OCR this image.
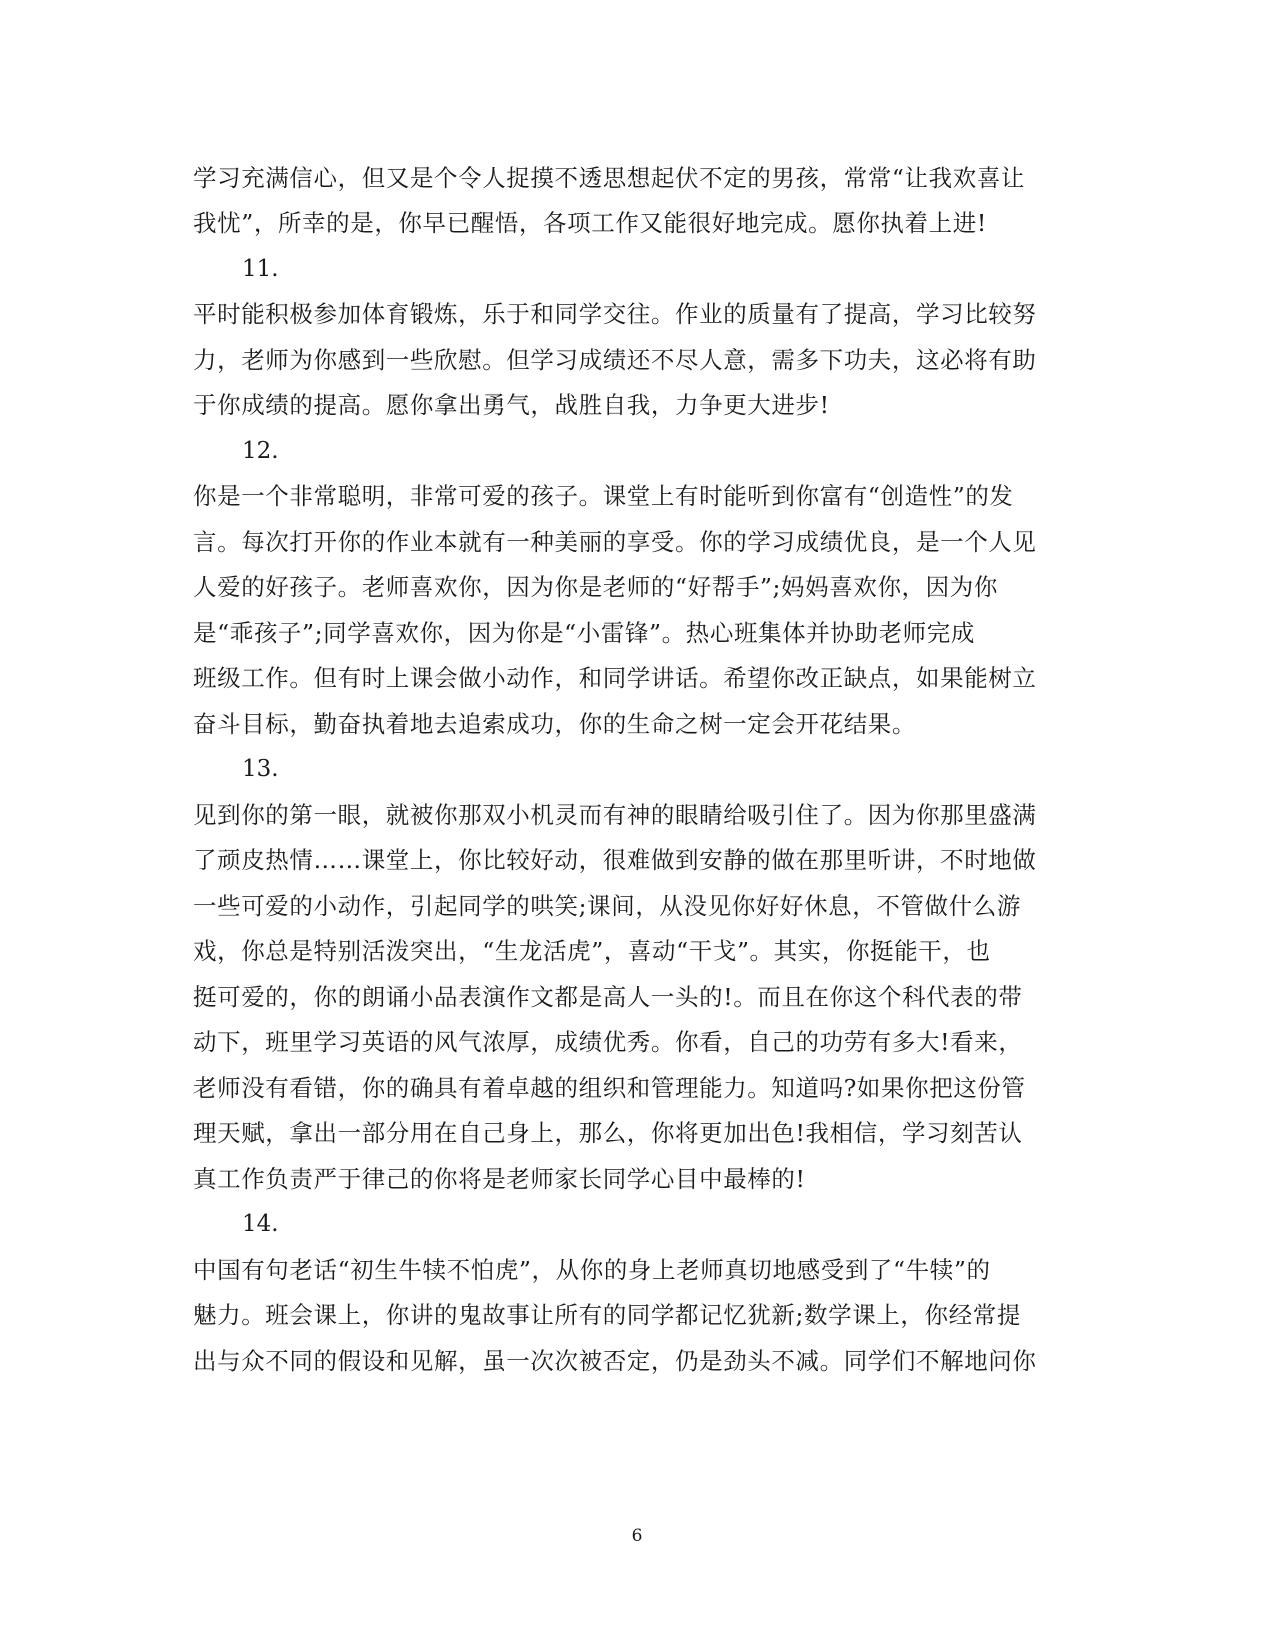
学习充满信心，但又是个令人捉摸不透思想起伏不定的男孩，常常“让我欢喜让
我忧”，所幸的是，你早已醒悟，各项工作又能很好地完成。愿你执着上进!
11.
平时能积极参加体育锻炼，乐于和同学交往。作业的质量有了提高，学习比较努
力，老师为你感到一些欣慰。但学习成绩还不尽人意，需多下功夫，这必将有助
于你成绩的提高。愿你拿出勇气，战胜自我，力争更大进步!
12.
你是一个非常聪明，非常可爱的孩子。课堂上有时能听到你富有“创造性”的发
言。每次打开你的作业本就有一种美丽的享受。你的学习成绩优良，是一个人见
人爱的好孩子。老师喜欢你，因为你是老师的“好帮手”;妈妈喜欢你，因为你
是“乖孩子”;同学喜欢你，因为你是“小雷锋”。热心班集体并协助老师完成
班级工作。但有时上课会做小动作，和同学讲话。希望你改正缺点，如果能树立
奋斗目标，勤奋执着地去追索成功，你的生命之树一定会开花结果。
13.
见到你的第一眼，就被你那双小机灵而有神的眼睛给吸引住了。因为你那里盛满
了顽皮热情……课堂上，你比较好动，很难做到安静的做在那里听讲，不时地做
一些可爱的小动作，引起同学的哄笑;课间，从没见你好好休息，不管做什么游
戏，你总是特别活泼突出，“生龙活虎”，喜动“干戈”。其实，你挺能干，也
挺可爱的，你的朗诵小品表演作文都是高人一头的!。而且在你这个科代表的带
动下，班里学习英语的风气浓厚，成绩优秀。你看，自己的功劳有多大!看来，
老师没有看错，你的确具有着卓越的组织和管理能力。知道吗?如果你把这份管
理天赋，拿出一部分用在自己身上，那么，你将更加出色!我相信，学习刻苦认
真工作负责严于律己的你将是老师家长同学心目中最棒的!
14.
中国有句老话“初生牛犊不怕虎”，从你的身上老师真切地感受到了“牛犊”的
魅力。班会课上，你讲的鬼故事让所有的同学都记忆犹新;数学课上，你经常提
出与众不同的假设和见解，虽一次次被否定，仍是劲头不减。同学们不解地问你
6
